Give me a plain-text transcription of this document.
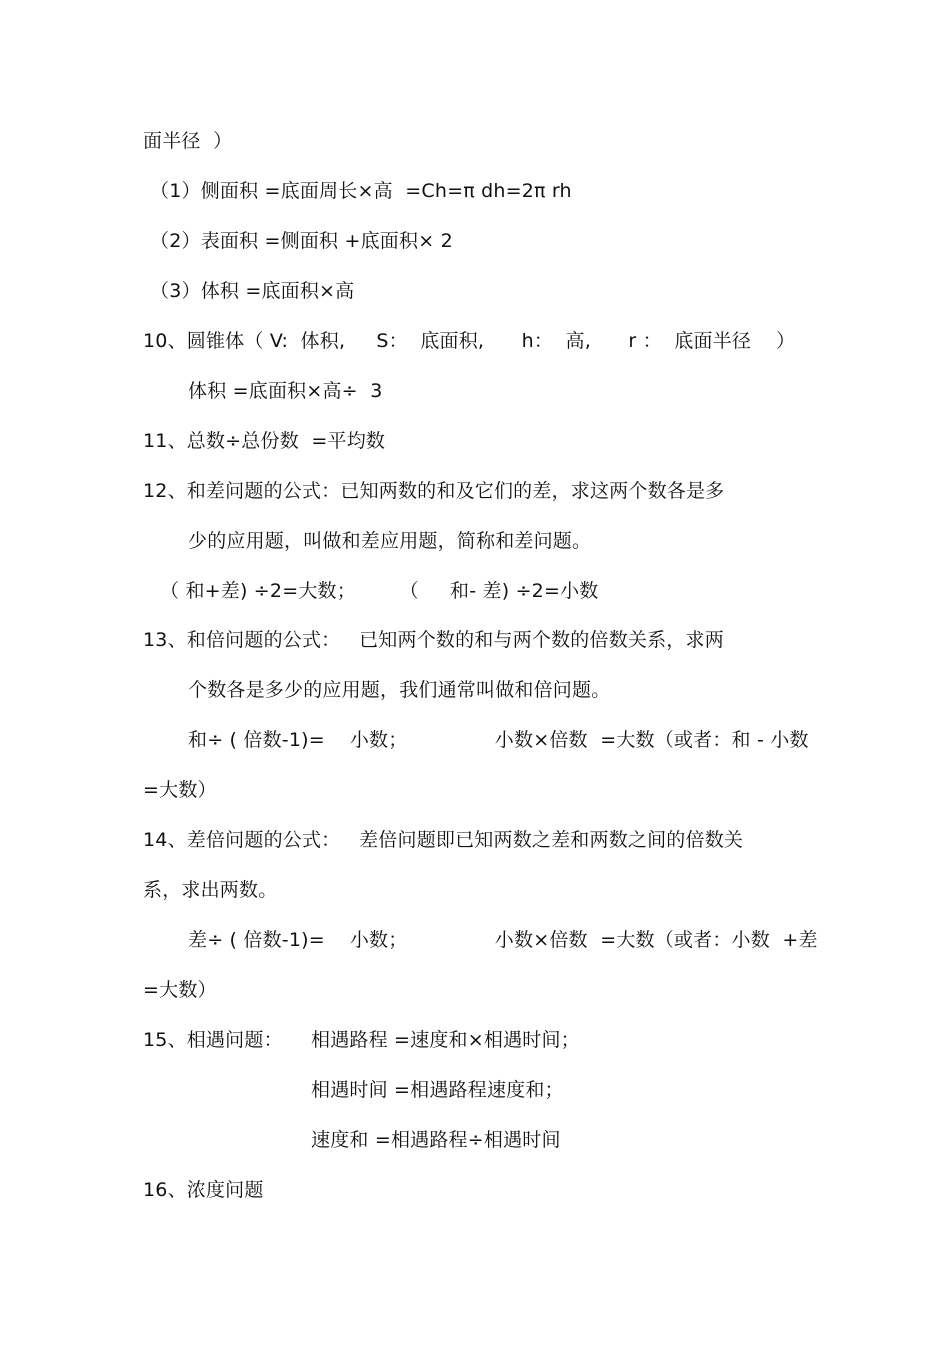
面半径  ）
（1）侧面积 =底面周长×高  =Ch=π dh=2π rh
（2）表面积 =侧面积 +底面积× 2
（3）体积 =底面积×高
10、圆锥体（ V:  体积,     S：  底面积,      h：  高,      r ：  底面半径    ）
体积 =底面积×高÷  3
11、总数÷总份数  =平均数
12、和差问题的公式：已知两数的和及它们的差，求这两个数各是多
少的应用题，叫做和差应用题，简称和差问题。
（ 和+差) ÷2=大数；       （     和- 差) ÷2=小数
13、和倍问题的公式：   已知两个数的和与两个数的倍数关系，求两
个数各是多少的应用题，我们通常叫做和倍问题。
和÷ ( 倍数-1)=    小数；              小数×倍数  =大数（或者：和 - 小数
=大数）
14、差倍问题的公式：   差倍问题即已知两数之差和两数之间的倍数关
系，求出两数。
差÷ ( 倍数-1)=    小数；              小数×倍数  =大数（或者：小数  +差
=大数）
15、相遇问题： 相遇路程 =速度和×相遇时间；
相遇时间 =相遇路程速度和；
速度和 =相遇路程÷相遇时间
16、浓度问题
